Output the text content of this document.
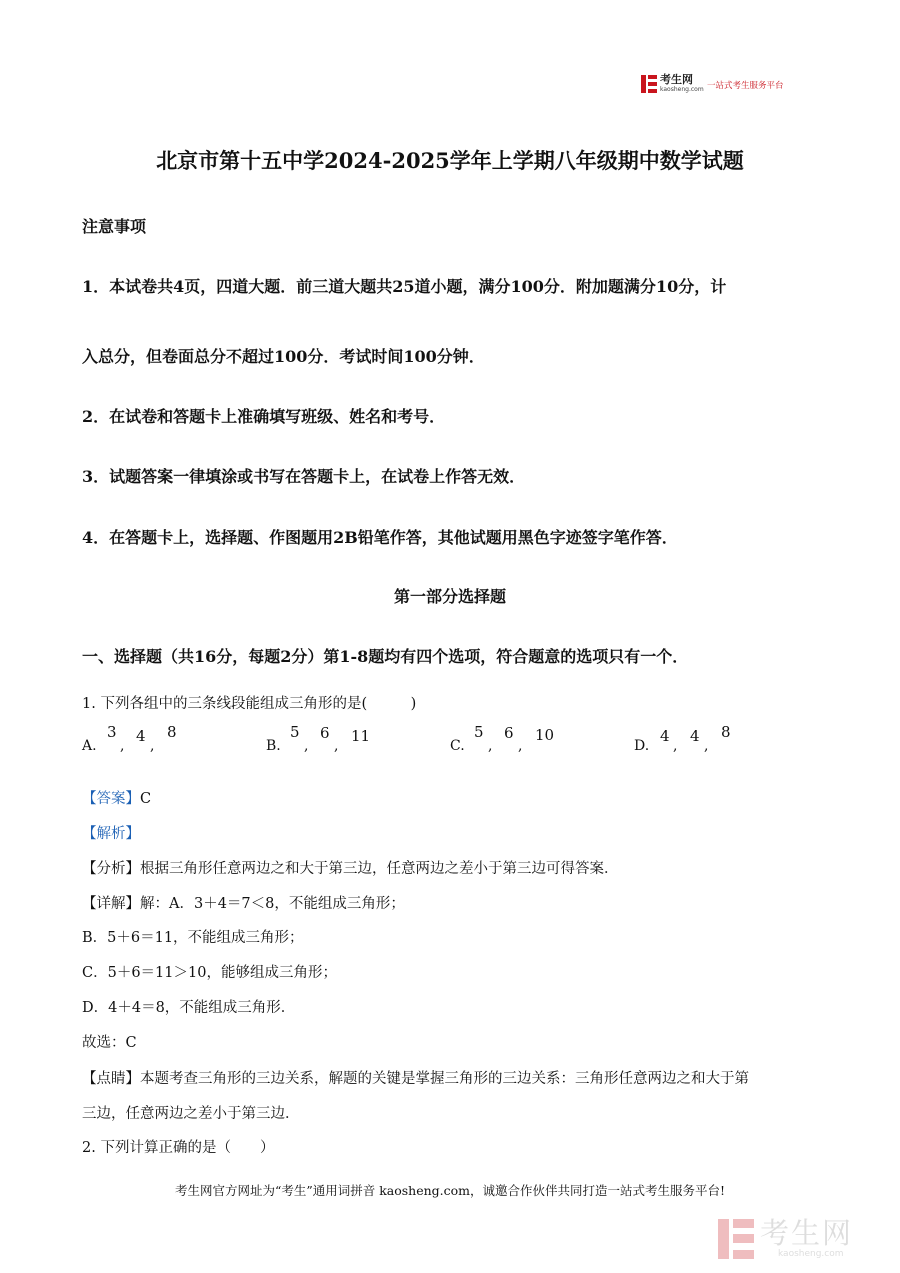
考生网
kaosheng.com 一站式考生服务平台
北京市第十五中学2024-2025学年上学期八年级期中数学试题
注意事项
1．本试卷共4页，四道大题．前三道大题共25道小题，满分100分．附加题满分10分，计
入总分，但卷面总分不超过100分．考试时间100分钟．
2．在试卷和答题卡上准确填写班级、姓名和考号．
3．试题答案一律填涂或书写在答题卡上，在试卷上作答无效．
4．在答题卡上，选择题、作图题用2B铅笔作答，其他试题用黑色字迹签字笔作答．
第一部分选择题
一、选择题（共16分，每题2分）第1-8题均有四个选项，符合题意的选项只有一个．
1. 下列各组中的三条线段能组成三角形的是(　　　)
A.
3
,
4
,
8
B.
5
,
6
,
11
C.
5
,
6
,
10
D.
4
,
4
,
8
【答案】C
【解析】
【分析】根据三角形任意两边之和大于第三边，任意两边之差小于第三边可得答案．
【详解】解：A．3＋4＝7＜8，不能组成三角形；
B．5＋6＝11，不能组成三角形；
C．5＋6＝11＞10，能够组成三角形；
D．4＋4＝8，不能组成三角形．
故选：C
【点睛】本题考查三角形的三边关系，解题的关键是掌握三角形的三边关系：三角形任意两边之和大于第
三边，任意两边之差小于第三边．
2. 下列计算正确的是（　　）
考生网官方网址为“考生”通用词拼音 kaosheng.com，诚邀合作伙伴共同打造一站式考生服务平台!
考生网
kaosheng.com
